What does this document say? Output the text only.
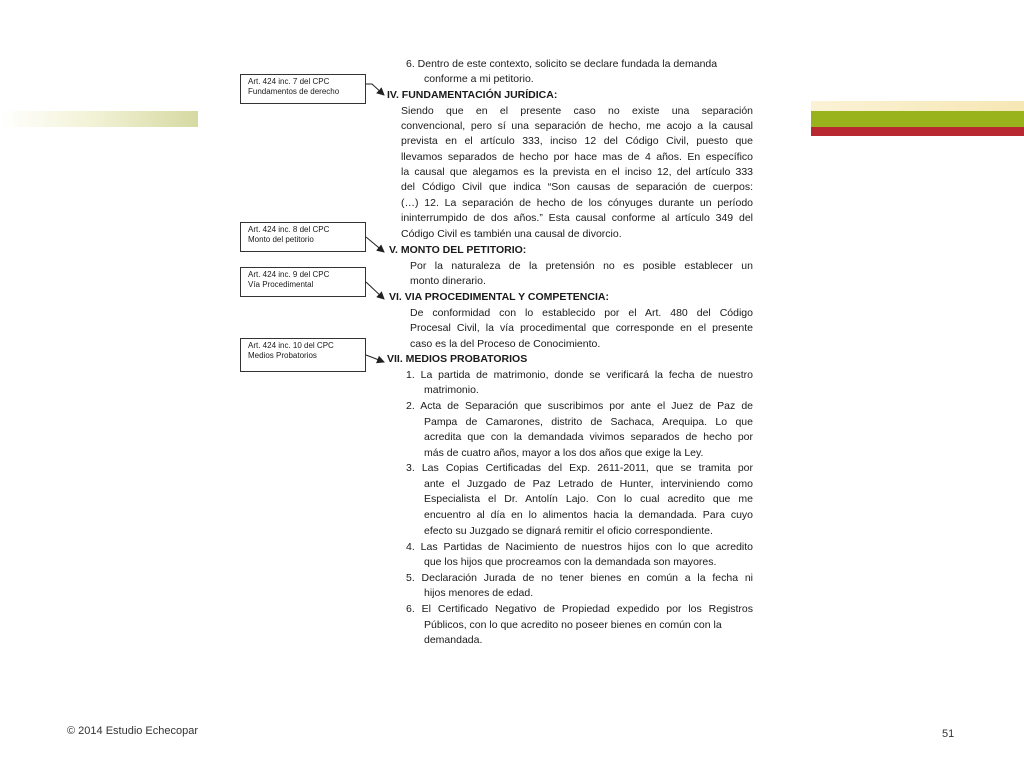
Art. 424 inc. 7 del CPC
Fundamentos de derecho
Art. 424 inc. 8 del CPC
Monto del petitorio
Art. 424 inc. 9 del CPC
Vía Procedimental
Art. 424 inc. 10 del CPC
Medios Probatorios
6. Dentro de este contexto, solicito se declare fundada la demanda
conforme a mi petitorio.
IV. FUNDAMENTACIÓN JURÍDICA:
Siendo que en el presente caso no existe una separación
convencional, pero sí una separación de hecho, me acojo a la causal
prevista en el artículo 333, inciso 12 del Código Civil, puesto que
llevamos separados de hecho por hace mas de 4 años. En específico
la causal que alegamos es la prevista en el inciso 12, del artículo 333
del Código Civil que indica “Son causas de separación de cuerpos:
(…) 12. La separación de hecho de los cónyuges durante un período
ininterrumpido de dos años.” Esta causal conforme al artículo 349 del
Código Civil es también una causal de divorcio.
V. MONTO DEL PETITORIO:
Por la naturaleza de la pretensión no es posible establecer un
monto dinerario.
VI. VIA PROCEDIMENTAL Y COMPETENCIA:
De conformidad con lo establecido por el Art. 480 del Código
Procesal Civil, la vía procedimental que corresponde en el presente
caso es la del Proceso de Conocimiento.
VII. MEDIOS PROBATORIOS
1. La partida de matrimonio, donde se verificará la fecha de nuestro
matrimonio.
2. Acta de Separación que suscribimos por ante el Juez de Paz de
Pampa de Camarones, distrito de Sachaca, Arequipa. Lo que
acredita que con la demandada vivimos separados de hecho por
más de cuatro años, mayor a los dos años que exige la Ley.
3. Las Copias Certificadas del Exp. 2611-2011, que se tramita por
ante el Juzgado de Paz Letrado de Hunter, interviniendo como
Especialista el Dr. Antolín Lajo. Con lo cual acredito que me
encuentro al día en lo alimentos hacia la demandada. Para cuyo
efecto su Juzgado se dignará remitir el oficio correspondiente.
4. Las Partidas de Nacimiento de nuestros hijos con lo que acredito
que los hijos que procreamos con la demandada son mayores.
5. Declaración Jurada de no tener bienes en común a la fecha ni
hijos menores de edad.
6. El Certificado Negativo de Propiedad expedido por los Registros
Públicos, con lo que acredito no poseer bienes en común con la
demandada.
© 2014 Estudio Echecopar	51
